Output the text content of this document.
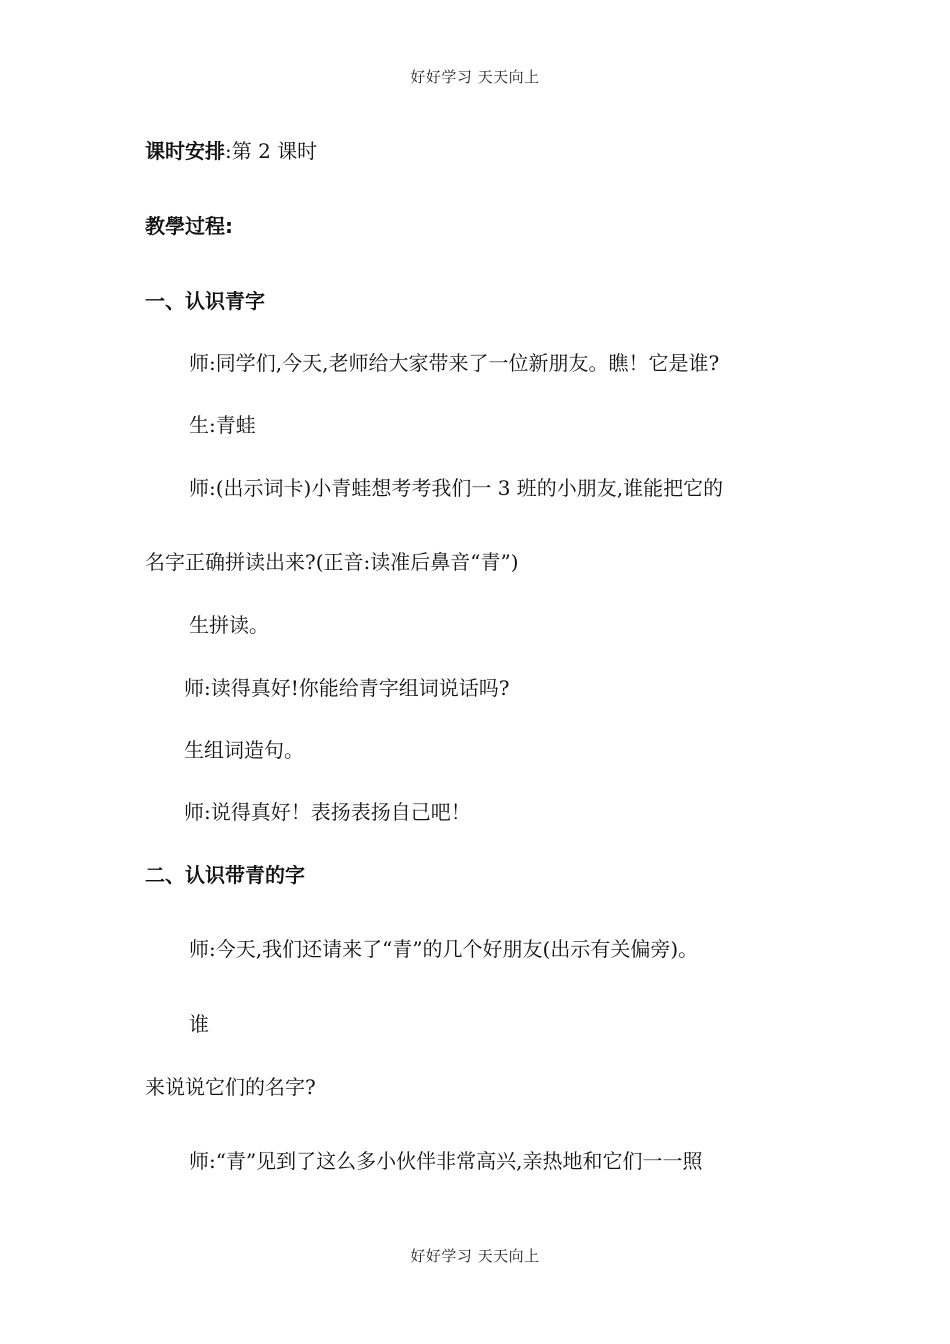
好好学习 天天向上
课时安排:第 2 课时
教學过程:
一、认识青字
师:同学们,今天,老师给大家带来了一位新朋友。瞧！它是谁?
生:青蛙
师:(出示词卡)小青蛙想考考我们一 3 班的小朋友,谁能把它的
名字正确拼读出来?(正音:读准后鼻音“青”)
生拼读。
师:读得真好!你能给青字组词说话吗?
生组词造句。
师:说得真好！表扬表扬自己吧！
二、认识带青的字
师:今天,我们还请来了“青”的几个好朋友(出示有关偏旁)。
谁
来说说它们的名字?
师:“青”见到了这么多小伙伴非常高兴,亲热地和它们一一照
好好学习 天天向上
